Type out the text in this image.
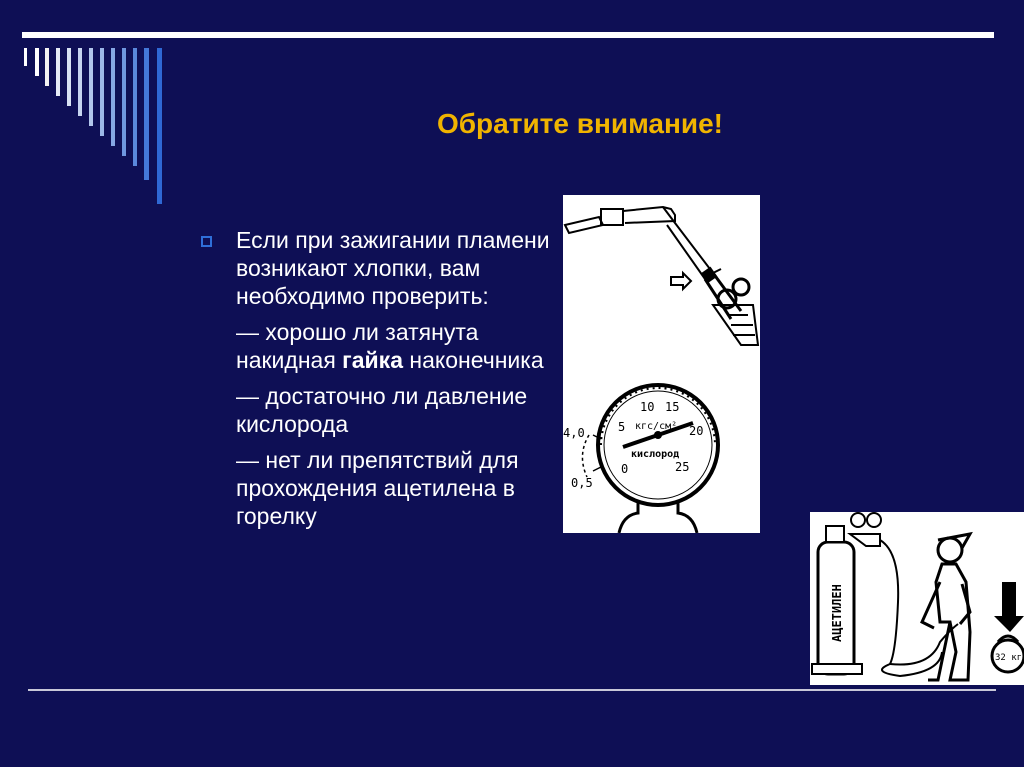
Обратите внимание!

Если при зажигании пламени возникают хлопки, вам необходимо проверить:

— хорошо ли затянута накидная гайка наконечника

— достаточно ли давление кислорода

— нет ли препятствий для прохождения ацетилена в горелку

10 15
5	20
0	25
кгс/см²
кислород
4,0
0,5
АЦЕТИЛЕН
32 кг
